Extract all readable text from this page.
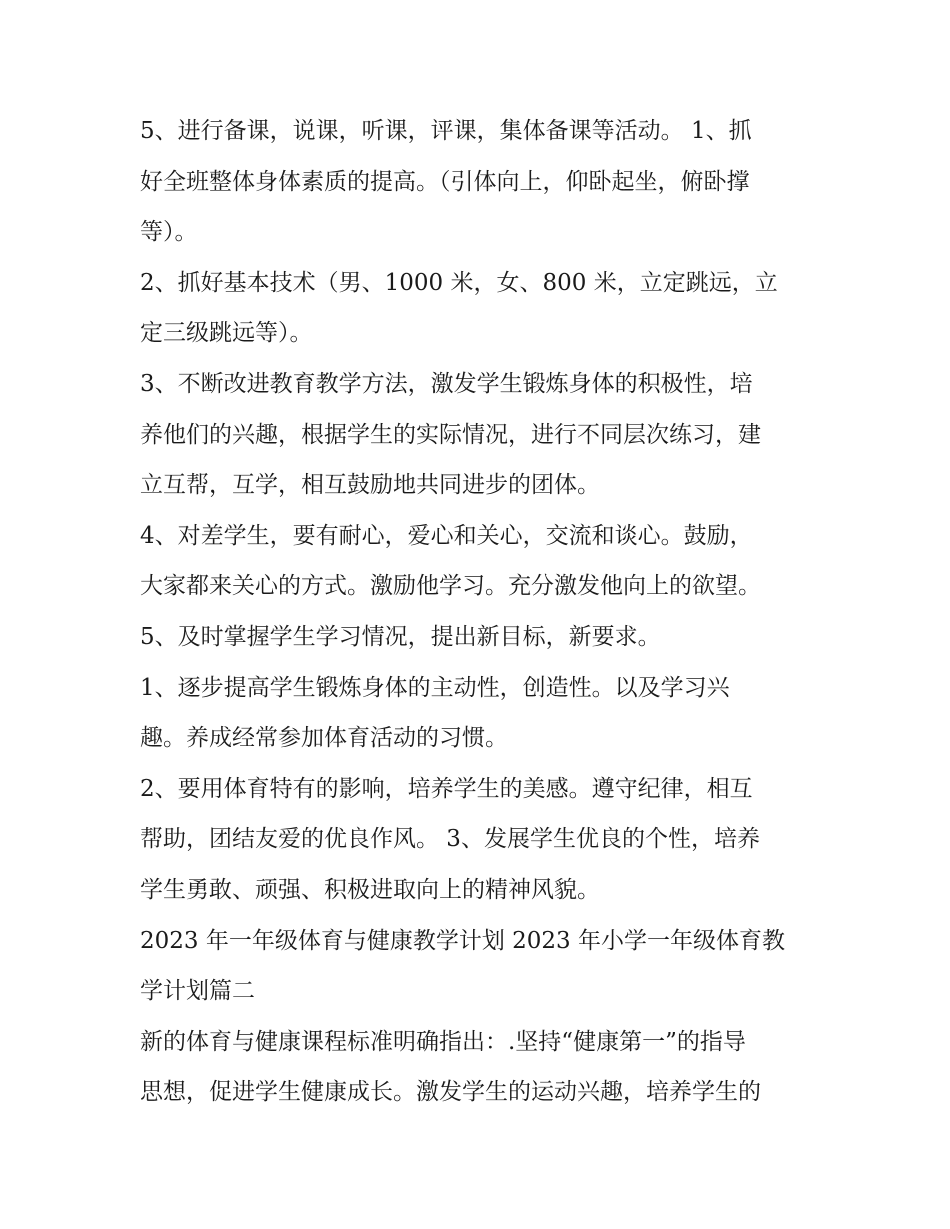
5、进行备课，说课，听课，评课，集体备课等活动。 1、抓
好全班整体身体素质的提高。（引体向上，仰卧起坐，俯卧撑
等）。
2、抓好基本技术（男、1000 米，女、800 米，立定跳远，立
定三级跳远等）。
3、不断改进教育教学方法，激发学生锻炼身体的积极性，培
养他们的兴趣，根据学生的实际情况，进行不同层次练习，建
立互帮，互学，相互鼓励地共同进步的团体。
4、对差学生，要有耐心，爱心和关心，交流和谈心。鼓励，
大家都来关心的方式。激励他学习。充分激发他向上的欲望。
5、及时掌握学生学习情况，提出新目标，新要求。
1、逐步提高学生锻炼身体的主动性，创造性。以及学习兴
趣。养成经常参加体育活动的习惯。
2、要用体育特有的影响，培养学生的美感。遵守纪律，相互
帮助，团结友爱的优良作风。 3、发展学生优良的个性，培养
学生勇敢、顽强、积极进取向上的精神风貌。
2023 年一年级体育与健康教学计划 2023 年小学一年级体育教
学计划篇二
新的体育与健康课程标准明确指出：.坚持“健康第一”的指导
思想，促进学生健康成长。激发学生的运动兴趣，培养学生的
